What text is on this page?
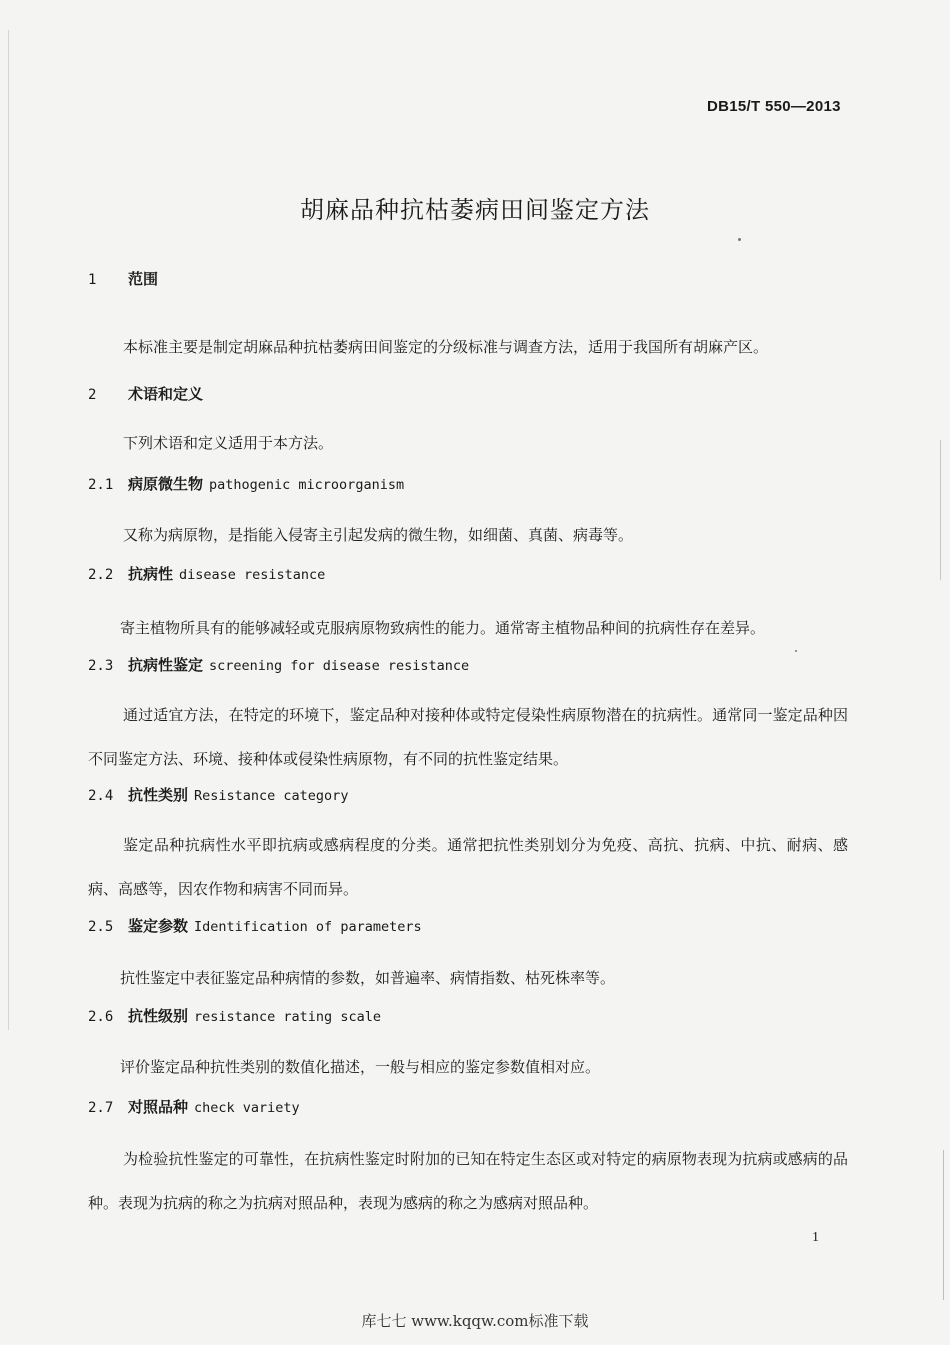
DB15/T 550—2013
胡麻品种抗枯萎病田间鉴定方法
1 范围
本标准主要是制定胡麻品种抗枯萎病田间鉴定的分级标准与调查方法，适用于我国所有胡麻产区。
2 术语和定义
下列术语和定义适用于本方法。
2.1 病原微生物 pathogenic microorganism
又称为病原物，是指能入侵寄主引起发病的微生物，如细菌、真菌、病毒等。
2.2 抗病性 disease resistance
寄主植物所具有的能够减轻或克服病原物致病性的能力。通常寄主植物品种间的抗病性存在差异。
2.3 抗病性鉴定 screening for disease resistance
通过适宜方法，在特定的环境下，鉴定品种对接种体或特定侵染性病原物潜在的抗病性。通常同一鉴定品种因不同鉴定方法、环境、接种体或侵染性病原物，有不同的抗性鉴定结果。
2.4 抗性类别 Resistance category
鉴定品种抗病性水平即抗病或感病程度的分类。通常把抗性类别划分为免疫、高抗、抗病、中抗、耐病、感病、高感等，因农作物和病害不同而异。
2.5 鉴定参数 Identification of parameters
抗性鉴定中表征鉴定品种病情的参数，如普遍率、病情指数、枯死株率等。
2.6 抗性级别 resistance rating scale
评价鉴定品种抗性类别的数值化描述，一般与相应的鉴定参数值相对应。
2.7 对照品种 check variety
为检验抗性鉴定的可靠性，在抗病性鉴定时附加的已知在特定生态区或对特定的病原物表现为抗病或感病的品种。表现为抗病的称之为抗病对照品种，表现为感病的称之为感病对照品种。
1
库七七 www.kqqw.com标准下载
